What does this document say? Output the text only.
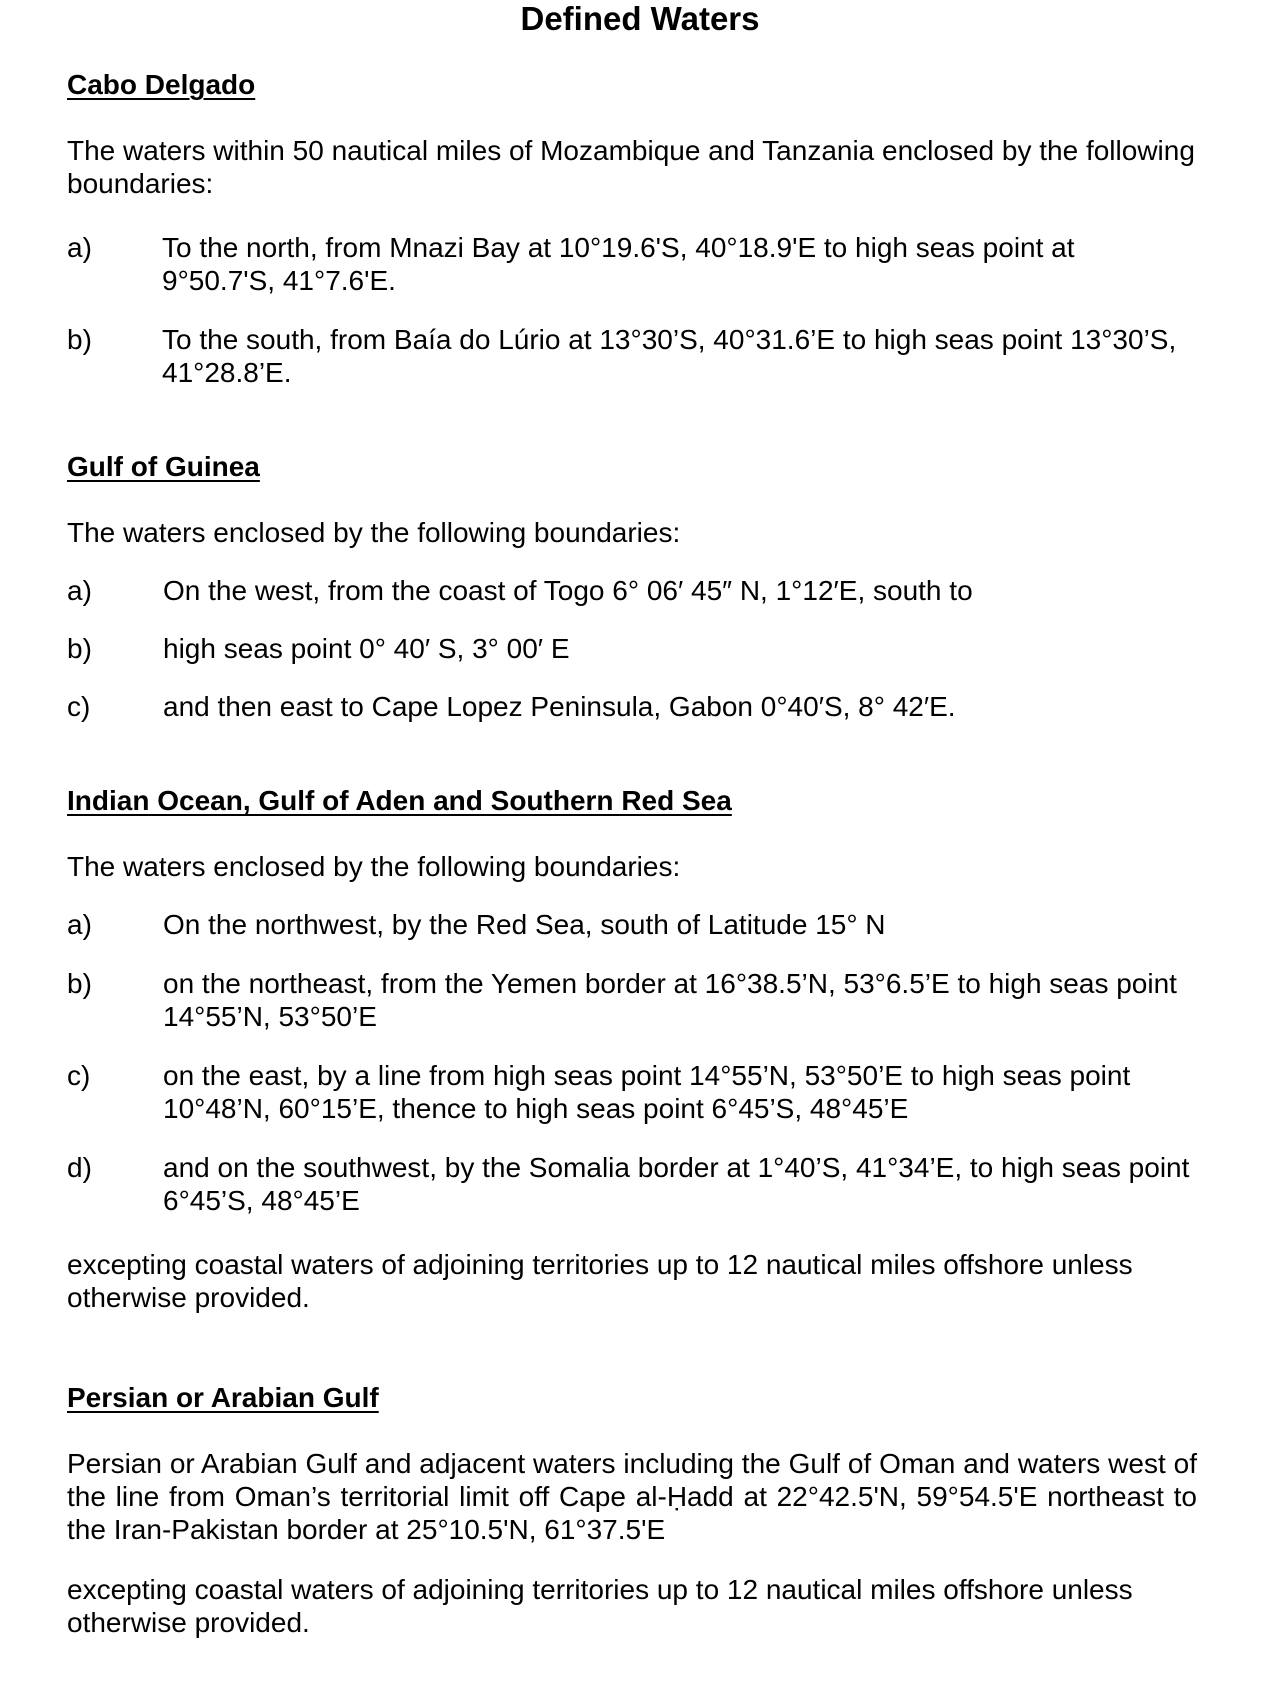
Defined Waters
Cabo Delgado
The waters within 50 nautical miles of Mozambique and Tanzania enclosed by the following boundaries:
a)	To the north, from Mnazi Bay at 10°19.6'S, 40°18.9'E to high seas point at 9°50.7'S, 41°7.6'E.
b)	To the south, from Baía do Lúrio at 13°30’S, 40°31.6’E to high seas point 13°30’S, 41°28.8’E.
Gulf of Guinea
The waters enclosed by the following boundaries:
a)	On the west, from the coast of Togo 6° 06′ 45″ N, 1°12′E, south to
b)	high seas point 0° 40′ S, 3° 00′ E
c)	and then east to Cape Lopez Peninsula, Gabon 0°40′S, 8° 42′E.
Indian Ocean, Gulf of Aden and Southern Red Sea
The waters enclosed by the following boundaries:
a)	On the northwest, by the Red Sea, south of Latitude 15° N
b)	on the northeast, from the Yemen border at 16°38.5’N, 53°6.5’E to high seas point 14°55’N, 53°50’E
c)	on the east, by a line from high seas point 14°55’N, 53°50’E to high seas point 10°48’N, 60°15’E, thence to high seas point 6°45’S, 48°45’E
d)	and on the southwest, by the Somalia border at 1°40’S, 41°34’E, to high seas point 6°45’S, 48°45’E
excepting coastal waters of adjoining territories up to 12 nautical miles offshore unless otherwise provided.
Persian or Arabian Gulf
Persian or Arabian Gulf and adjacent waters including the Gulf of Oman and waters west of the line from Oman’s territorial limit off Cape al-Ḥadd at 22°42.5'N, 59°54.5'E northeast to the Iran-Pakistan border at 25°10.5'N, 61°37.5'E
excepting coastal waters of adjoining territories up to 12 nautical miles offshore unless otherwise provided.
